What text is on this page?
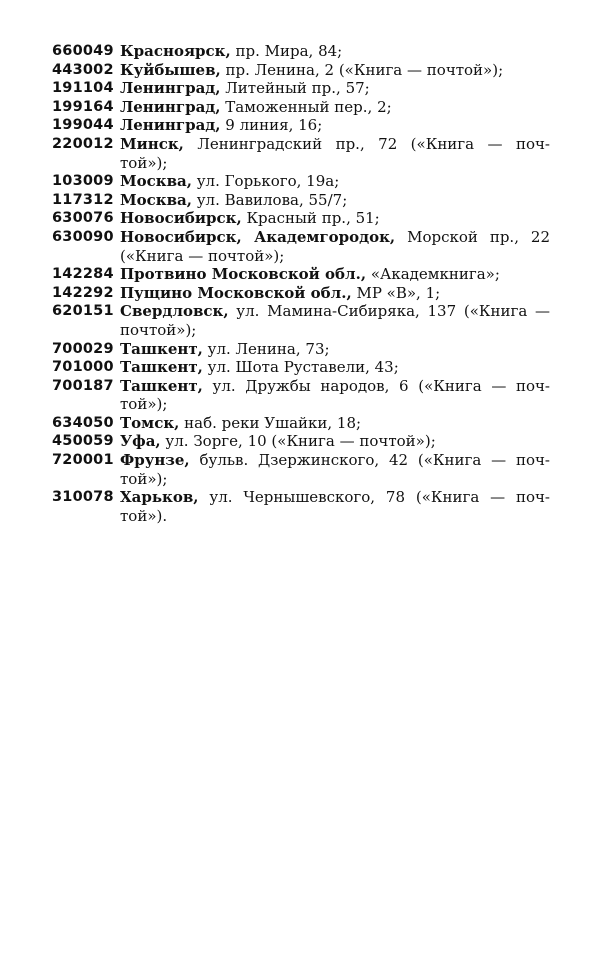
660049 Красноярск, пр. Мира, 84;
443002 Куйбышев, пр. Ленина, 2 («Книга — почтой»);
191104 Ленинград, Литейный пр., 57;
199164 Ленинград, Таможенный пер., 2;
199044 Ленинград, 9 линия, 16;
220012 Минск, Ленинградский пр., 72 («Книга — поч-
той»);
103009 Москва, ул. Горького, 19а;
117312 Москва, ул. Вавилова, 55/7;
630076 Новосибирск, Красный пр., 51;
630090 Новосибирск, Академгородок, Морской пр., 22
(«Книга — почтой»);
142284 Протвино Московской обл., «Академкнига»;
142292 Пущино Московской обл., МР «В», 1;
620151 Свердловск, ул. Мамина-Сибиряка, 137 («Книга —
почтой»);
700029 Ташкент, ул. Ленина, 73;
701000 Ташкент, ул. Шота Руставели, 43;
700187 Ташкент, ул. Дружбы народов, 6 («Книга — поч-
той»);
634050 Томск, наб. реки Ушайки, 18;
450059 Уфа, ул. Зорге, 10 («Книга — почтой»);
720001 Фрунзе, бульв. Дзержинского, 42 («Книга — поч-
той»);
310078 Харьков, ул. Чернышевского, 78 («Книга — поч-
той»).
